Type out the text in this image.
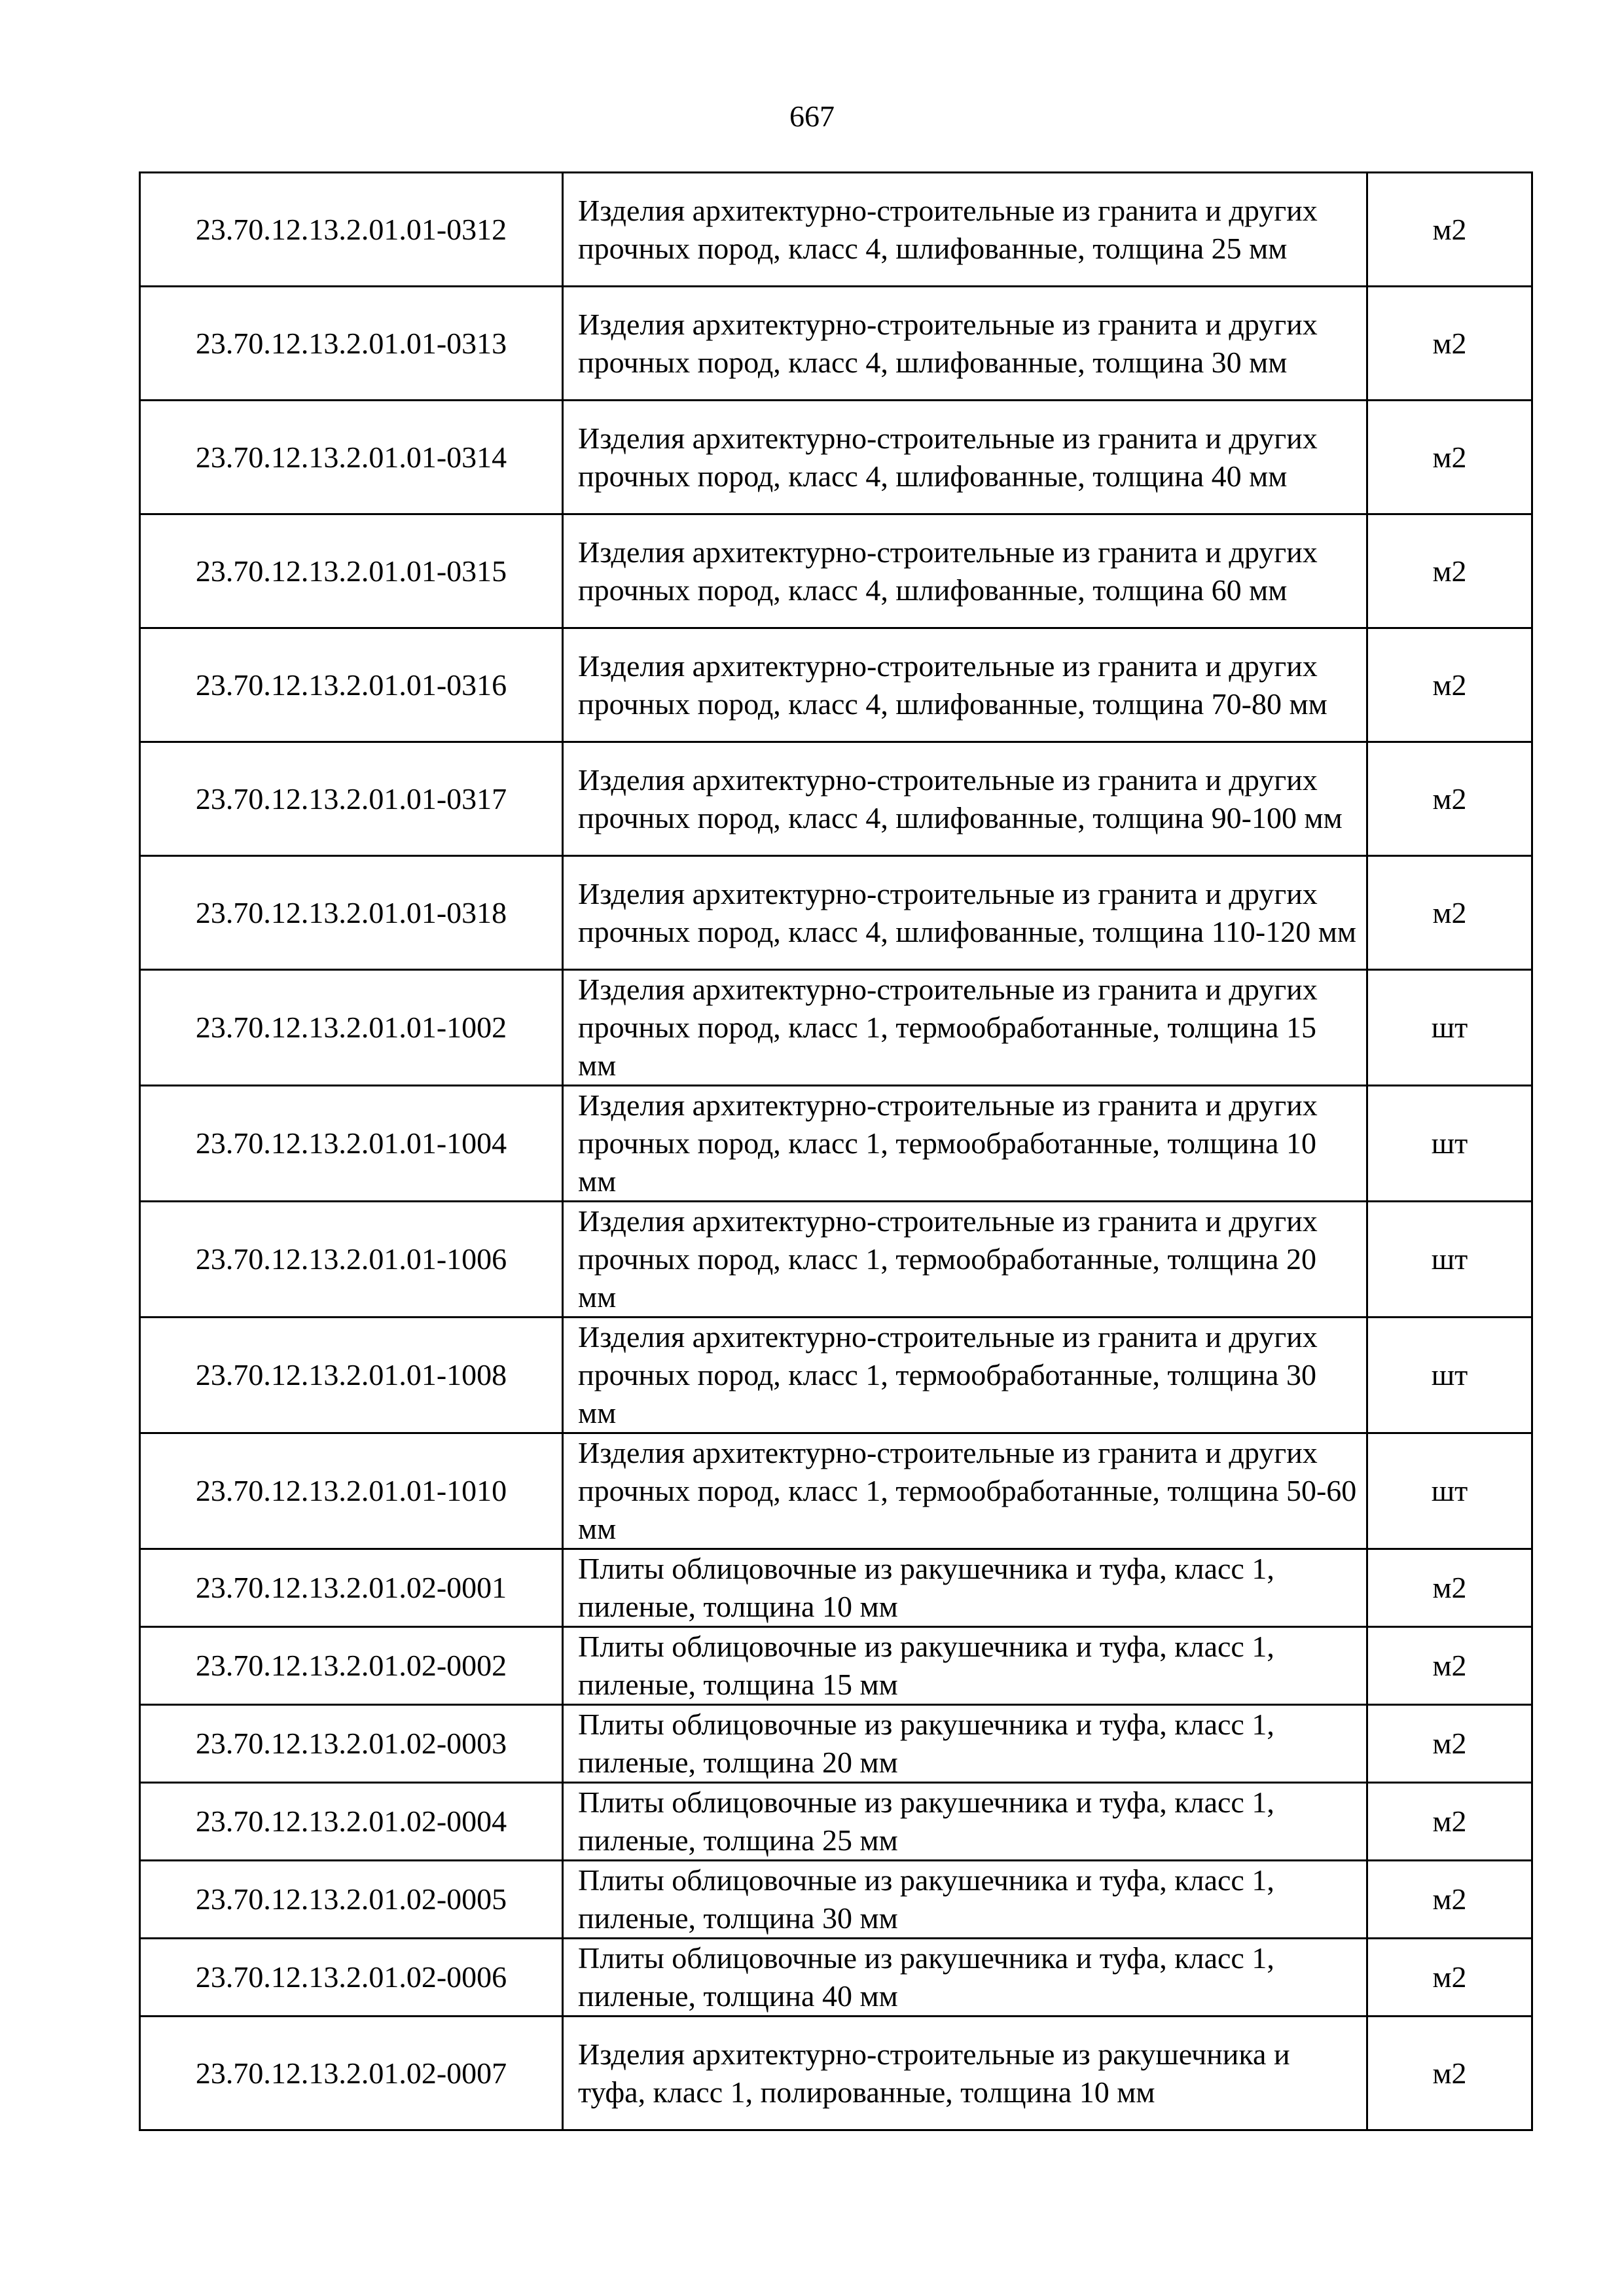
667
23.70.12.13.2.01.01-0312	Изделия архитектурно-строительные из гранита и других прочных пород, класс 4, шлифованные, толщина 25 мм	м2
23.70.12.13.2.01.01-0313	Изделия архитектурно-строительные из гранита и других прочных пород, класс 4, шлифованные, толщина 30 мм	м2
23.70.12.13.2.01.01-0314	Изделия архитектурно-строительные из гранита и других прочных пород, класс 4, шлифованные, толщина 40 мм	м2
23.70.12.13.2.01.01-0315	Изделия архитектурно-строительные из гранита и других прочных пород, класс 4, шлифованные, толщина 60 мм	м2
23.70.12.13.2.01.01-0316	Изделия архитектурно-строительные из гранита и других прочных пород, класс 4, шлифованные, толщина 70-80 мм	м2
23.70.12.13.2.01.01-0317	Изделия архитектурно-строительные из гранита и других прочных пород, класс 4, шлифованные, толщина 90-100 мм	м2
23.70.12.13.2.01.01-0318	Изделия архитектурно-строительные из гранита и других прочных пород, класс 4, шлифованные, толщина 110-120 мм	м2
23.70.12.13.2.01.01-1002	Изделия архитектурно-строительные из гранита и других прочных пород, класс 1, термообработанные, толщина 15 мм	шт
23.70.12.13.2.01.01-1004	Изделия архитектурно-строительные из гранита и других прочных пород, класс 1, термообработанные, толщина 10 мм	шт
23.70.12.13.2.01.01-1006	Изделия архитектурно-строительные из гранита и других прочных пород, класс 1, термообработанные, толщина 20 мм	шт
23.70.12.13.2.01.01-1008	Изделия архитектурно-строительные из гранита и других прочных пород, класс 1, термообработанные, толщина 30 мм	шт
23.70.12.13.2.01.01-1010	Изделия архитектурно-строительные из гранита и других прочных пород, класс 1, термообработанные, толщина 50-60 мм	шт
23.70.12.13.2.01.02-0001	Плиты облицовочные из ракушечника и туфа, класс 1, пиленые, толщина 10 мм	м2
23.70.12.13.2.01.02-0002	Плиты облицовочные из ракушечника и туфа, класс 1, пиленые, толщина 15 мм	м2
23.70.12.13.2.01.02-0003	Плиты облицовочные из ракушечника и туфа, класс 1, пиленые, толщина 20 мм	м2
23.70.12.13.2.01.02-0004	Плиты облицовочные из ракушечника и туфа, класс 1, пиленые, толщина 25 мм	м2
23.70.12.13.2.01.02-0005	Плиты облицовочные из ракушечника и туфа, класс 1, пиленые, толщина 30 мм	м2
23.70.12.13.2.01.02-0006	Плиты облицовочные из ракушечника и туфа, класс 1, пиленые, толщина 40 мм	м2
23.70.12.13.2.01.02-0007	Изделия архитектурно-строительные из ракушечника и туфа, класс 1, полированные, толщина 10 мм	м2
